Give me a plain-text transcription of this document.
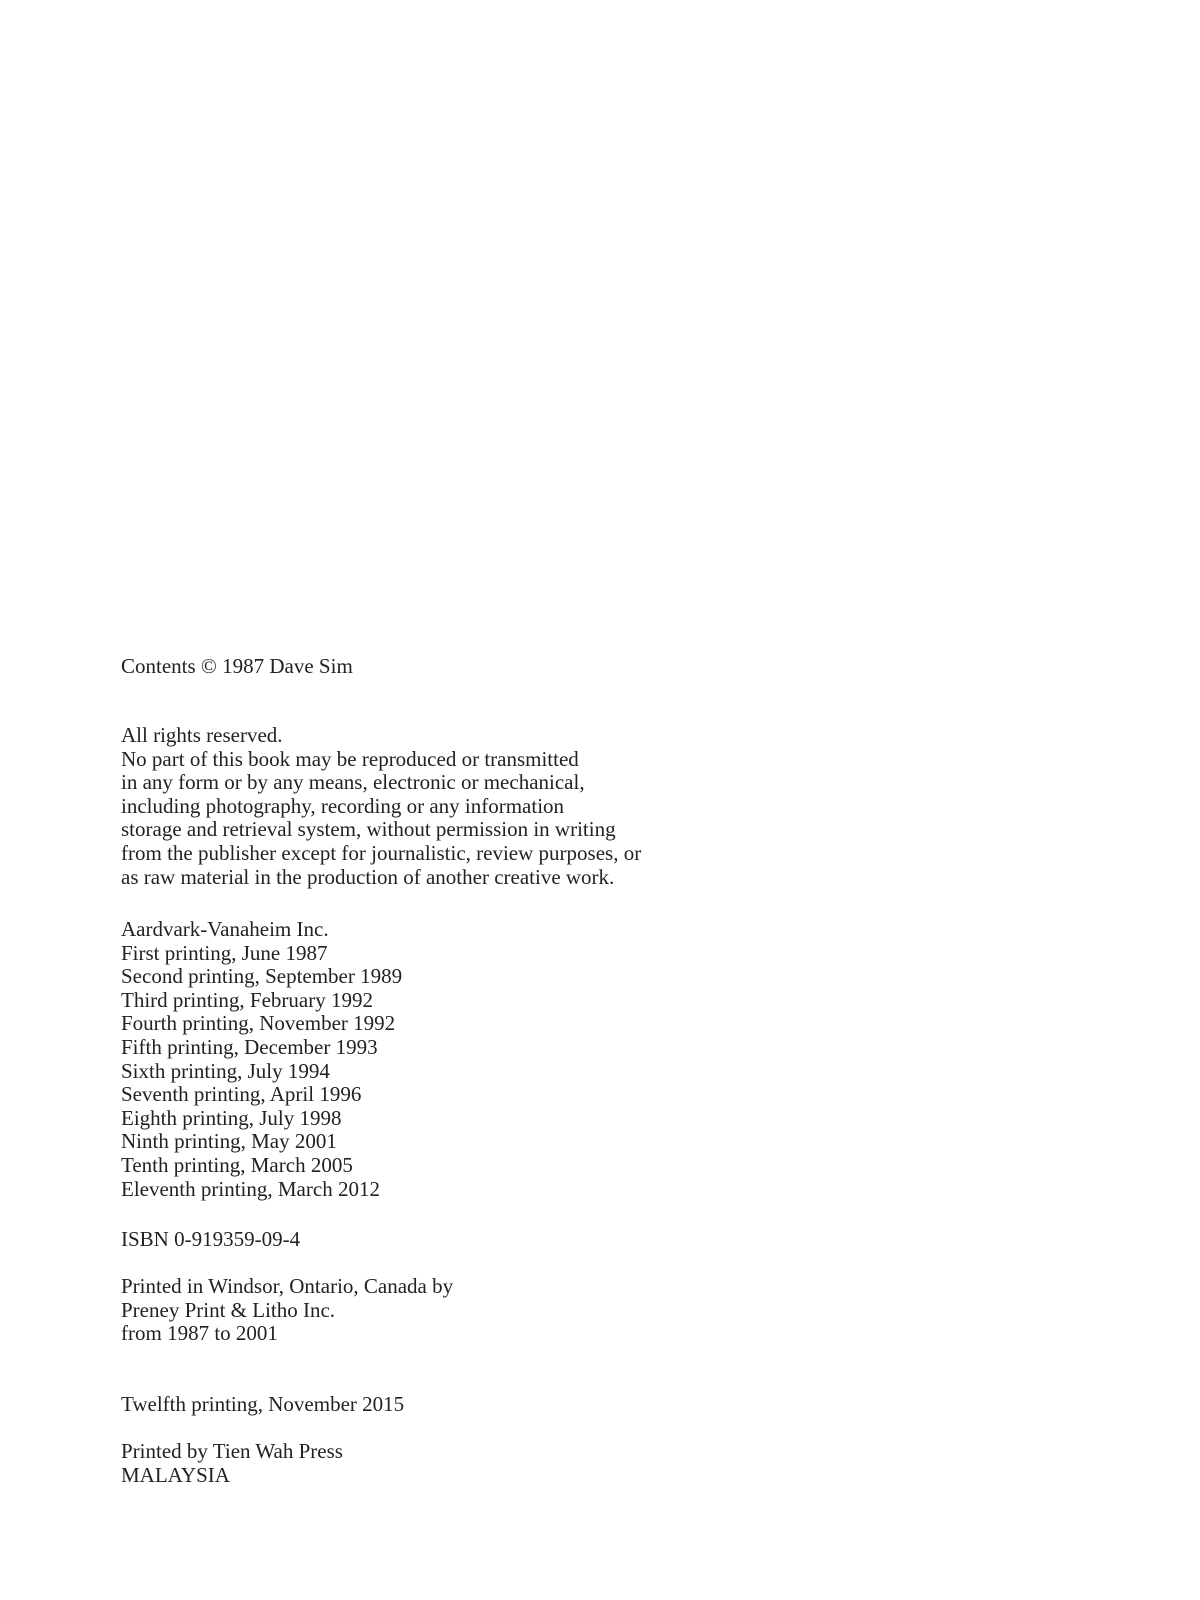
Contents © 1987 Dave Sim

All rights reserved.
No part of this book may be reproduced or transmitted
in any form or by any means, electronic or mechanical,
including photography, recording or any information
storage and retrieval system, without permission in writing
from the publisher except for journalistic, review purposes, or
as raw material in the production of another creative work.

Aardvark-Vanaheim Inc.
First printing, June 1987
Second printing, September 1989
Third printing, February 1992
Fourth printing, November 1992
Fifth printing, December 1993
Sixth printing, July 1994
Seventh printing, April 1996
Eighth printing, July 1998
Ninth printing, May 2001
Tenth printing, March 2005
Eleventh printing, March 2012

ISBN 0-919359-09-4

Printed in Windsor, Ontario, Canada by
Preney Print & Litho Inc.
from 1987 to 2001

Twelfth printing, November 2015

Printed by Tien Wah Press
MALAYSIA
